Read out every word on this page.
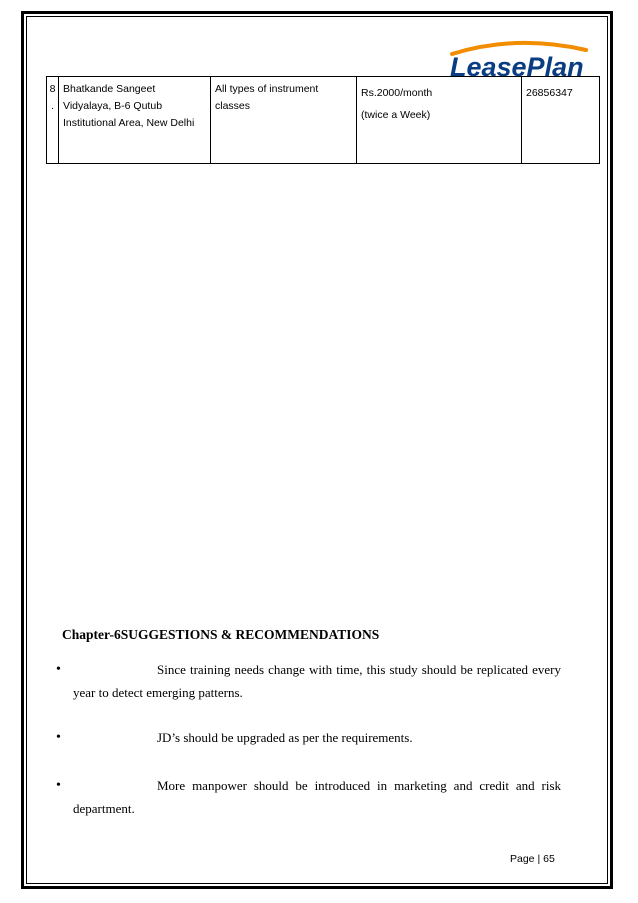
LeasePlan
8
.

Bhatkande Sangeet
Vidyalaya, B-6 Qutub
Institutional Area, New Delhi

All types of instrument
classes

Rs.2000/month
(twice a Week)

26856347
Chapter-6SUGGESTIONS & RECOMMENDATIONS
•	Since training needs change with time, this study should be replicated every
year to detect emerging patterns.
•	JD’s should be upgraded as per the requirements.
•	More manpower should be introduced in marketing and credit and risk
department.
Page | 65
